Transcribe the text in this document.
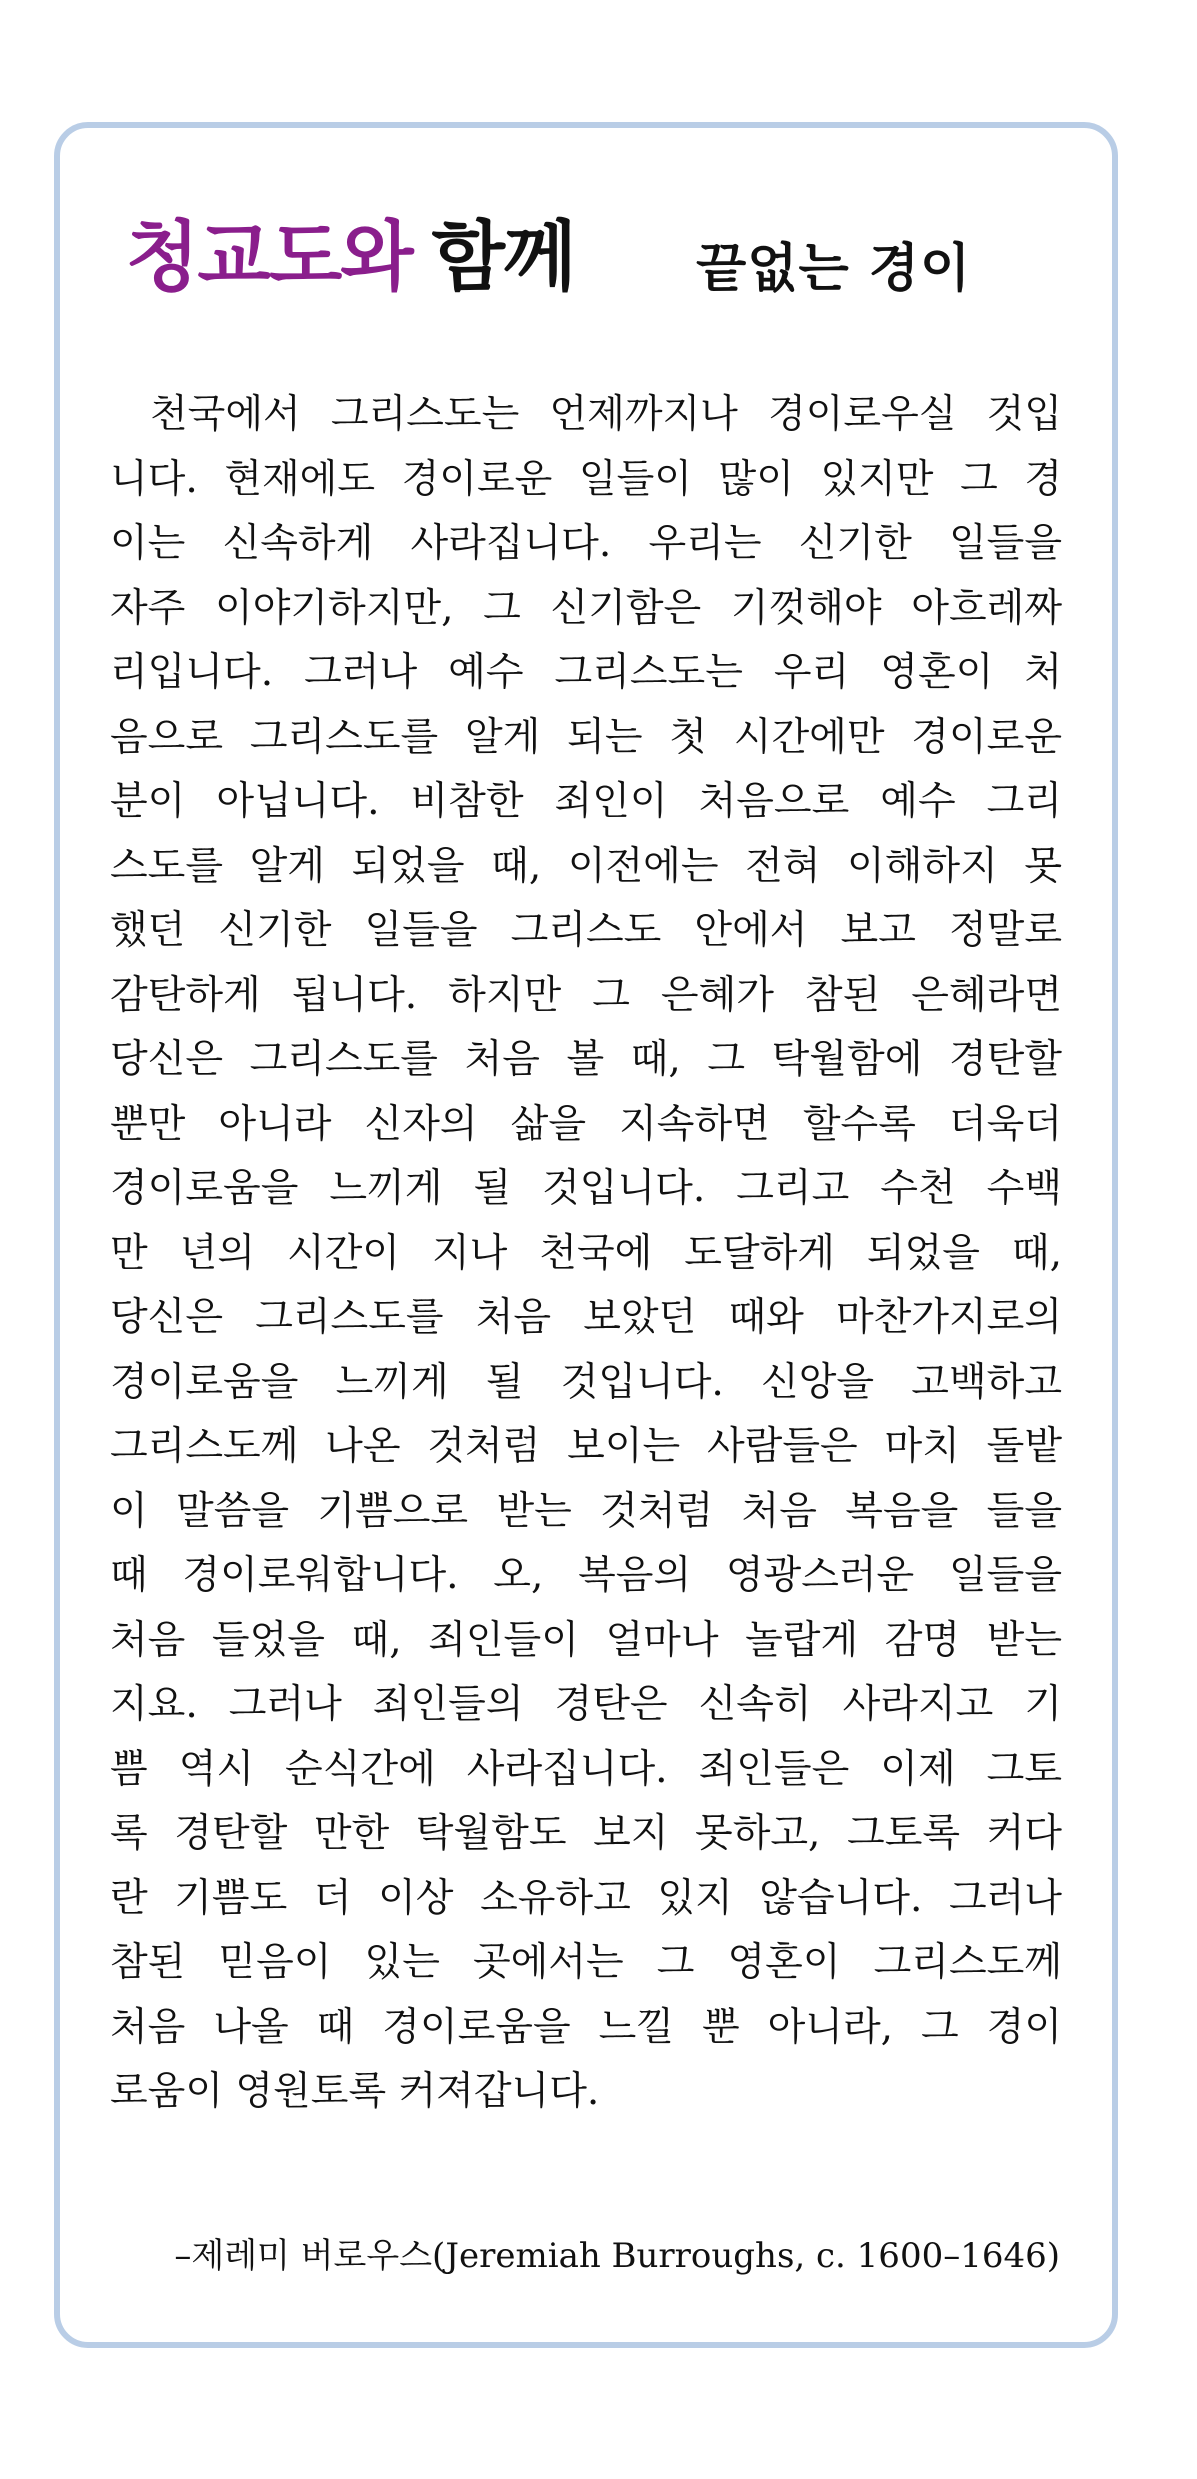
청교도와 함께 끝없는 경이
천국에서 그리스도는 언제까지나 경이로우실 것입
니다. 현재에도 경이로운 일들이 많이 있지만 그 경
이는 신속하게 사라집니다. 우리는 신기한 일들을
자주 이야기하지만, 그 신기함은 기껏해야 아흐레짜
리입니다. 그러나 예수 그리스도는 우리 영혼이 처
음으로 그리스도를 알게 되는 첫 시간에만 경이로운
분이 아닙니다. 비참한 죄인이 처음으로 예수 그리
스도를 알게 되었을 때, 이전에는 전혀 이해하지 못
했던 신기한 일들을 그리스도 안에서 보고 정말로
감탄하게 됩니다. 하지만 그 은혜가 참된 은혜라면
당신은 그리스도를 처음 볼 때, 그 탁월함에 경탄할
뿐만 아니라 신자의 삶을 지속하면 할수록 더욱더
경이로움을 느끼게 될 것입니다. 그리고 수천 수백
만 년의 시간이 지나 천국에 도달하게 되었을 때,
당신은 그리스도를 처음 보았던 때와 마찬가지로의
경이로움을 느끼게 될 것입니다. 신앙을 고백하고
그리스도께 나온 것처럼 보이는 사람들은 마치 돌밭
이 말씀을 기쁨으로 받는 것처럼 처음 복음을 들을
때 경이로워합니다. 오, 복음의 영광스러운 일들을
처음 들었을 때, 죄인들이 얼마나 놀랍게 감명 받는
지요. 그러나 죄인들의 경탄은 신속히 사라지고 기
쁨 역시 순식간에 사라집니다. 죄인들은 이제 그토
록 경탄할 만한 탁월함도 보지 못하고, 그토록 커다
란 기쁨도 더 이상 소유하고 있지 않습니다. 그러나
참된 믿음이 있는 곳에서는 그 영혼이 그리스도께
처음 나올 때 경이로움을 느낄 뿐 아니라, 그 경이
로움이 영원토록 커져갑니다.
–제레미 버로우스(Jeremiah Burroughs, c. 1600–1646)
